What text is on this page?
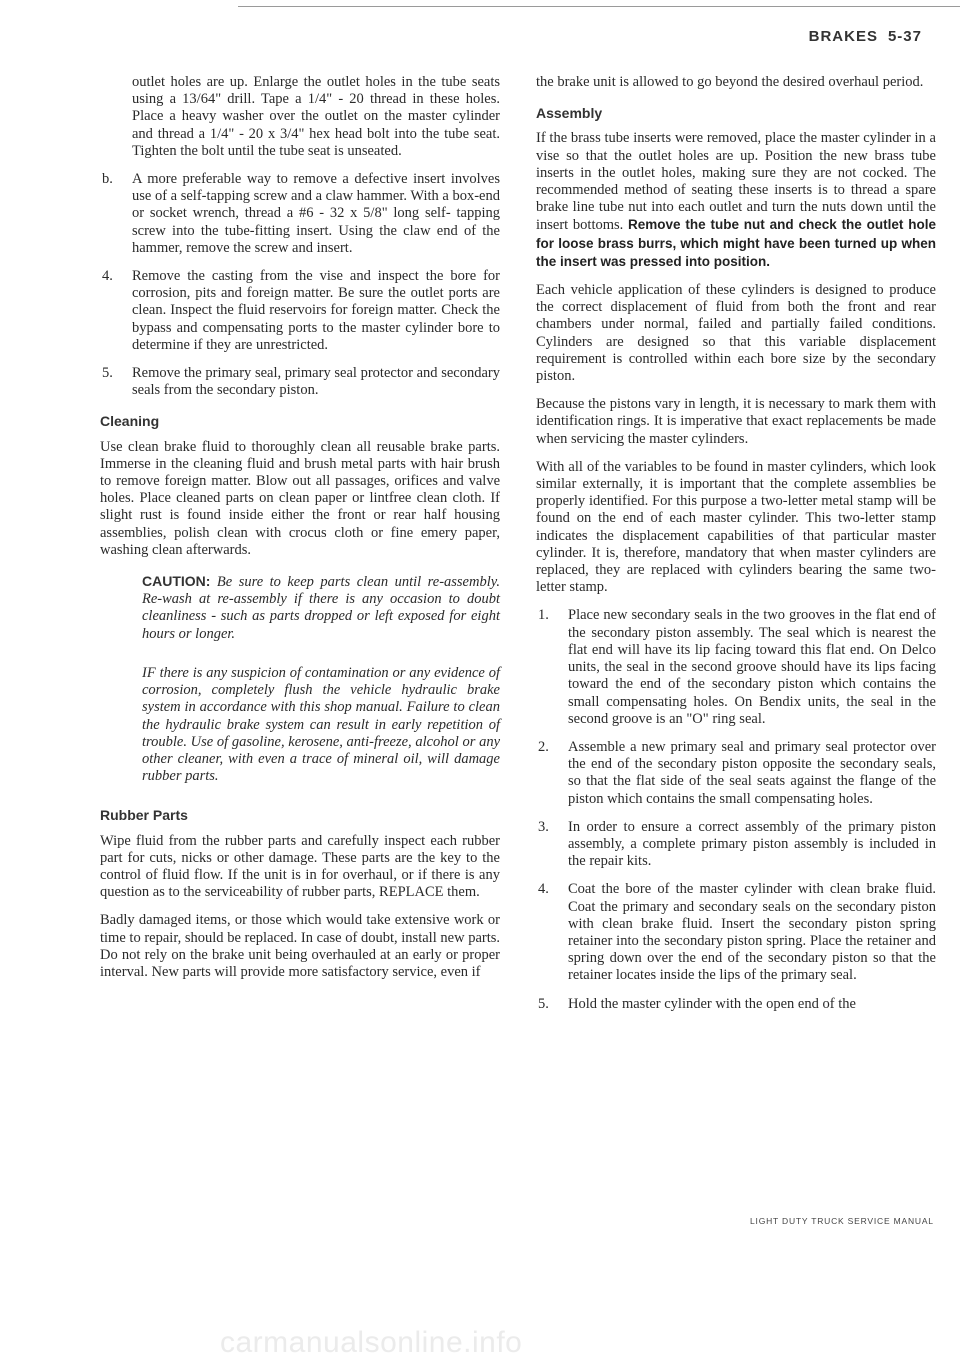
BRAKES 5-37

outlet holes are up. Enlarge the outlet holes in the tube seats using a 13/64" drill. Tape a 1/4" - 20 thread in these holes. Place a heavy washer over the outlet on the master cylinder and thread a 1/4" - 20 x 3/4" hex head bolt into the tube seat. Tighten the bolt until the tube seat is unseated.

b. A more preferable way to remove a defective insert involves use of a self-tapping screw and a claw hammer. With a box-end or socket wrench, thread a #6 - 32 x 5/8" long self- tapping screw into the tube-fitting insert. Using the claw end of the hammer, remove the screw and insert.
4. Remove the casting from the vise and inspect the bore for corrosion, pits and foreign matter. Be sure the outlet ports are clean. Inspect the fluid reservoirs for foreign matter. Check the bypass and compensating ports to the master cylinder bore to determine if they are unrestricted.
5. Remove the primary seal, primary seal protector and secondary seals from the secondary piston.
Cleaning

Use clean brake fluid to thoroughly clean all reusable brake parts. Immerse in the cleaning fluid and brush metal parts with hair brush to remove foreign matter. Blow out all passages, orifices and valve holes. Place cleaned parts on clean paper or lintfree clean cloth. If slight rust is found inside either the front or rear half housing assemblies, polish clean with crocus cloth or fine emery paper, washing clean afterwards.

CAUTION: Be sure to keep parts clean until re-assembly. Re-wash at re-assembly if there is any occasion to doubt cleanliness - such as parts dropped or left exposed for eight hours or longer.

IF there is any suspicion of contamination or any evidence of corrosion, completely flush the vehicle hydraulic brake system in accordance with this shop manual. Failure to clean the hydraulic brake system can result in early repetition of trouble. Use of gasoline, kerosene, anti-freeze, alcohol or any other cleaner, with even a trace of mineral oil, will damage rubber parts.

Rubber Parts

Wipe fluid from the rubber parts and carefully inspect each rubber part for cuts, nicks or other damage. These parts are the key to the control of fluid flow. If the unit is in for overhaul, or if there is any question as to the serviceability of rubber parts, REPLACE them.

Badly damaged items, or those which would take extensive work or time to repair, should be replaced. In case of doubt, install new parts. Do not rely on the brake unit being overhauled at an early or proper interval. New parts will provide more satisfactory service, even if

the brake unit is allowed to go beyond the desired overhaul period.

Assembly

If the brass tube inserts were removed, place the master cylinder in a vise so that the outlet holes are up. Position the new brass tube inserts in the outlet holes, making sure they are not cocked. The recommended method of seating these inserts is to thread a spare brake line tube nut into each outlet and turn the nuts down until the insert bottoms. Remove the tube nut and check the outlet hole for loose brass burrs, which might have been turned up when the insert was pressed into position.

Each vehicle application of these cylinders is designed to produce the correct displacement of fluid from both the front and rear chambers under normal, failed and partially failed conditions. Cylinders are designed so that this variable displacement requirement is controlled within each bore size by the secondary piston.

Because the pistons vary in length, it is necessary to mark them with identification rings. It is imperative that exact replacements be made when servicing the master cylinders.

With all of the variables to be found in master cylinders, which look similar externally, it is important that the complete assemblies be properly identified. For this purpose a two-letter metal stamp will be found on the end of each master cylinder. This two-letter stamp indicates the displacement capabilities of that particular master cylinder. It is, therefore, mandatory that when master cylinders are replaced, they are replaced with cylinders bearing the same two-letter stamp.

1. Place new secondary seals in the two grooves in the flat end of the secondary piston assembly. The seal which is nearest the flat end will have its lip facing toward this flat end. On Delco units, the seal in the second groove should have its lips facing toward the end of the secondary piston which contains the small compensating holes. On Bendix units, the seal in the second groove is an "O" ring seal.
2. Assemble a new primary seal and primary seal protector over the end of the secondary piston opposite the secondary seals, so that the flat side of the seal seats against the flange of the piston which contains the small compensating holes.
3. In order to ensure a correct assembly of the primary piston assembly, a complete primary piston assembly is included in the repair kits.
4. Coat the bore of the master cylinder with clean brake fluid. Coat the primary and secondary seals on the secondary piston with clean brake fluid. Insert the secondary piston spring retainer into the secondary piston spring. Place the retainer and spring down over the end of the secondary piston so that the retainer locates inside the lips of the primary seal.
5. Hold the master cylinder with the open end of the
LIGHT DUTY TRUCK SERVICE MANUAL
carmanualsonline.info
